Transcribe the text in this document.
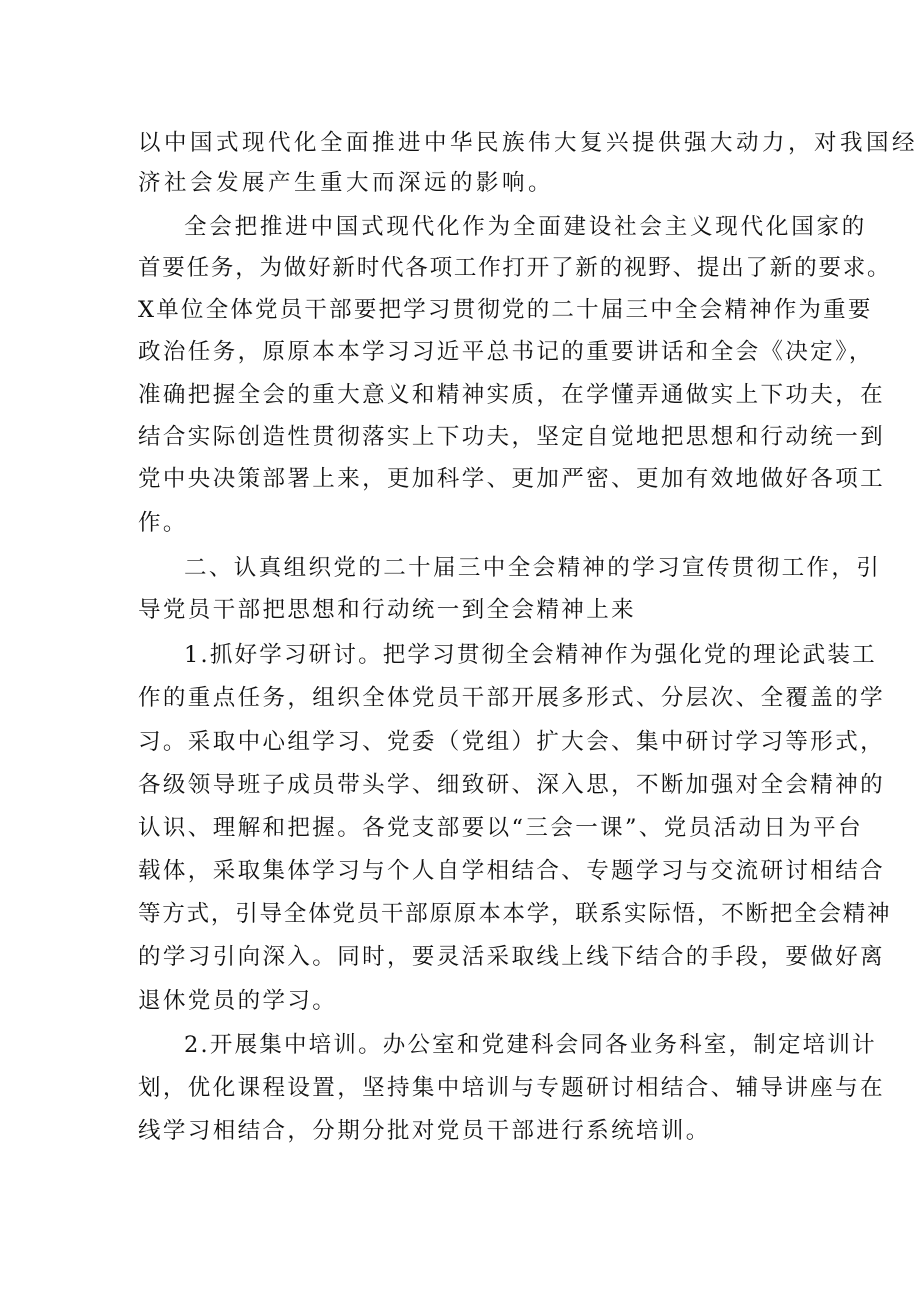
以中国式现代化全面推进中华民族伟大复兴提供强大动力，对我国经
济社会发展产生重大而深远的影响。
全会把推进中国式现代化作为全面建设社会主义现代化国家的
首要任务，为做好新时代各项工作打开了新的视野、提出了新的要求。
X单位全体党员干部要把学习贯彻党的二十届三中全会精神作为重要
政治任务，原原本本学习习近平总书记的重要讲话和全会《决定》，
准确把握全会的重大意义和精神实质，在学懂弄通做实上下功夫，在
结合实际创造性贯彻落实上下功夫，坚定自觉地把思想和行动统一到
党中央决策部署上来，更加科学、更加严密、更加有效地做好各项工
作。
二、认真组织党的二十届三中全会精神的学习宣传贯彻工作，引
导党员干部把思想和行动统一到全会精神上来
1.抓好学习研讨。把学习贯彻全会精神作为强化党的理论武装工
作的重点任务，组织全体党员干部开展多形式、分层次、全覆盖的学
习。采取中心组学习、党委（党组）扩大会、集中研讨学习等形式，
各级领导班子成员带头学、细致研、深入思，不断加强对全会精神的
认识、理解和把握。各党支部要以“三会一课”、党员活动日为平台
载体，采取集体学习与个人自学相结合、专题学习与交流研讨相结合
等方式，引导全体党员干部原原本本学，联系实际悟，不断把全会精神
的学习引向深入。同时，要灵活采取线上线下结合的手段，要做好离
退休党员的学习。
2.开展集中培训。办公室和党建科会同各业务科室，制定培训计
划，优化课程设置，坚持集中培训与专题研讨相结合、辅导讲座与在
线学习相结合，分期分批对党员干部进行系统培训。
